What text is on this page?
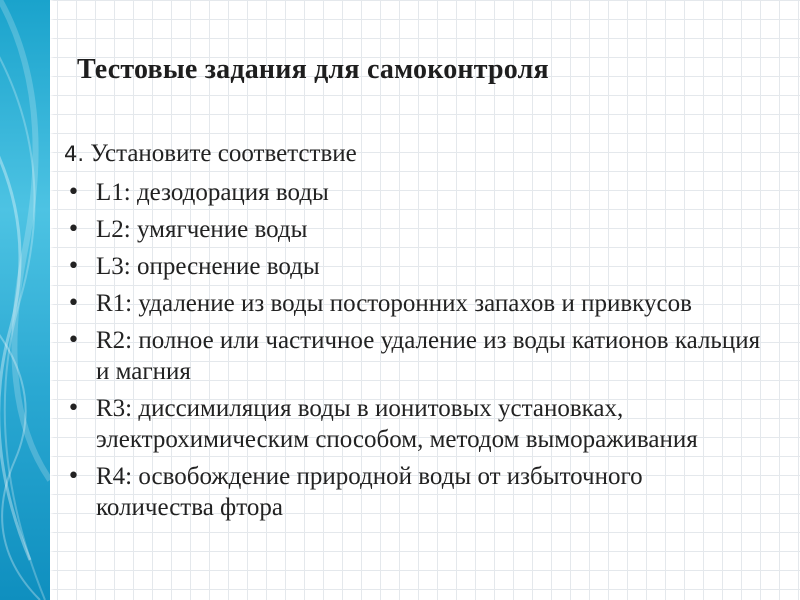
Тестовые задания для самоконтроля
4. Установите соответствие
• L1: дезодорация воды
• L2: умягчение воды
• L3: опреснение воды
• R1: удаление из воды посторонних запахов и привкусов
• R2: полное или частичное удаление из воды катионов кальция и магния
• R3: диссимиляция воды в ионитовых установках, электрохимическим способом, методом вымораживания
• R4: освобождение природной воды от избыточного количества фтора
